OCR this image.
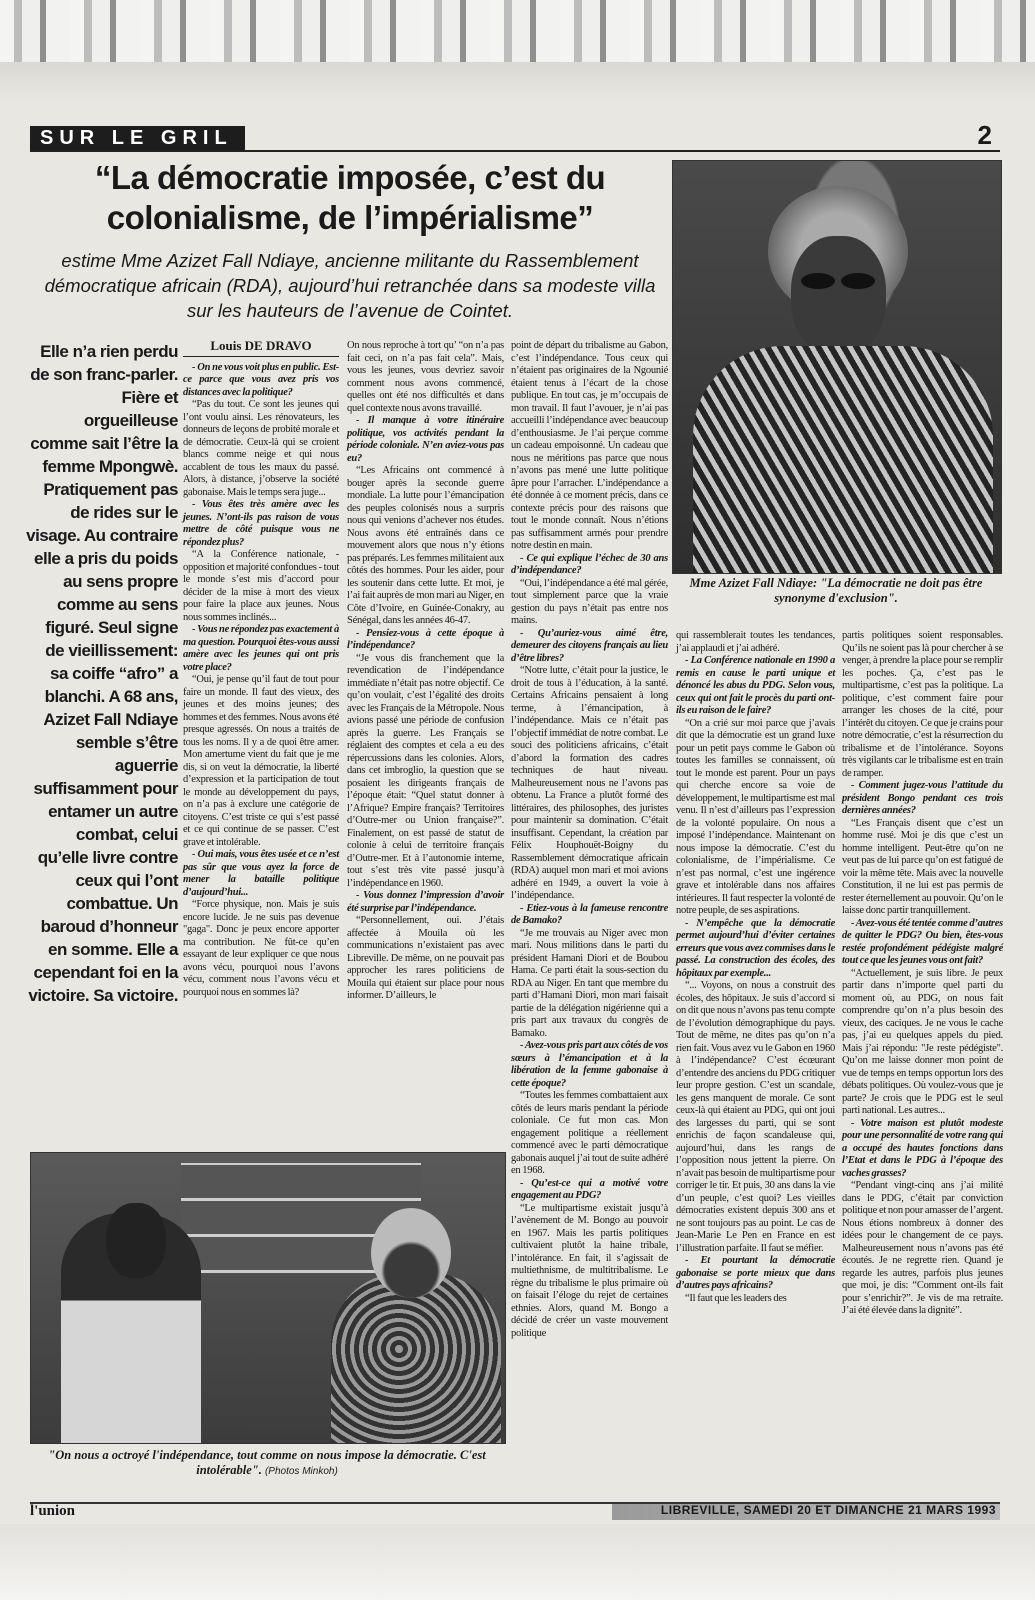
SUR LE GRIL	2
“La démocratie imposée, c’est du colonialisme, de l’impérialisme”
estime Mme Azizet Fall Ndiaye, ancienne militante du Rassemblement démocratique africain (RDA), aujourd’hui retranchée dans sa modeste villa sur les hauteurs de l’avenue de Cointet.
Elle n’a rien perdu de son franc-parler. Fière et orgueilleuse comme sait l’être la femme Mpongwè. Pratiquement pas de rides sur le visage. Au contraire elle a pris du poids au sens propre comme au sens figuré. Seul signe de vieillissement: sa coiffe “afro” a blanchi. A 68 ans, Azizet Fall Ndiaye semble s’être aguerrie suffisamment pour entamer un autre combat, celui qu’elle livre contre ceux qui l’ont combattue. Un baroud d’honneur en somme. Elle a cependant foi en la victoire. Sa victoire.
Louis DE DRAVO

- On ne vous voit plus en public. Est-ce parce que vous avez pris vos distances avec la politique?

“Pas du tout. Ce sont les jeunes qui l’ont voulu ainsi. Les rénovateurs, les donneurs de leçons de probité morale et de démocratie. Ceux-là qui se croient blancs comme neige et qui nous accablent de tous les maux du passé. Alors, à distance, j’observe la société gabonaise. Mais le temps sera juge...

- Vous êtes très amère avec les jeunes. N’ont-ils pas raison de vous mettre de côté puisque vous ne répondez plus?

“A la Conférence nationale, - opposition et majorité confondues - tout le monde s’est mis d’accord pour décider de la mise à mort des vieux pour faire la place aux jeunes. Nous nous sommes inclinés...

- Vous ne répondez pas exactement à ma question. Pourquoi êtes-vous aussi amère avec les jeunes qui ont pris votre place?

“Oui, je pense qu’il faut de tout pour faire un monde. Il faut des vieux, des jeunes et des moins jeunes; des hommes et des femmes. Nous avons été presque agressés. On nous a traités de tous les noms. Il y a de quoi être amer. Mon amertume vient du fait que je me dis, si on veut la démocratie, la liberté d’expression et la participation de tout le monde au développement du pays, on n’a pas à exclure une catégorie de citoyens. C’est triste ce qui s’est passé et ce qui continue de se passer. C’est grave et intolérable.

- Oui mais, vous êtes usée et ce n’est pas sûr que vous ayez la force de mener la bataille politique d’aujourd’hui...

“Force physique, non. Mais je suis encore lucide. Je ne suis pas devenue "gaga". Donc je peux encore apporter ma contribution. Ne fût-ce qu’en essayant de leur expliquer ce que nous avons vécu, pourquoi nous l’avons vécu, comment nous l’avons vécu et pourquoi nous en sommes là?

On nous reproche à tort qu’ “on n’a pas fait ceci, on n’a pas fait cela”. Mais, vous les jeunes, vous devriez savoir comment nous avons commencé, quelles ont été nos difficultés et dans quel contexte nous avons travaillé.

- Il manque à votre itinéraire politique, vos activités pendant la période coloniale. N’en aviez-vous pas eu?

“Les Africains ont commencé à bouger après la seconde guerre mondiale. La lutte pour l’émancipation des peuples colonisés nous a surpris nous qui venions d’achever nos études. Nous avons été entraînés dans ce mouvement alors que nous n’y étions pas préparés. Les femmes militaient aux côtés des hommes. Pour les aider, pour les soutenir dans cette lutte. Et moi, je l’ai fait auprès de mon mari au Niger, en Côte d’Ivoire, en Guinée-Conakry, au Sénégal, dans les années 46-47.

- Pensiez-vous à cette époque à l’indépendance?

“Je vous dis franchement que la revendication de l’indépendance immédiate n’était pas notre objectif. Ce qu’on voulait, c’est l’égalité des droits avec les Français de la Métropole. Nous avions passé une période de confusion après la guerre. Les Français se réglaient des comptes et cela a eu des répercussions dans les colonies. Alors, dans cet imbroglio, la question que se posaient les dirigeants français de l’époque était: “Quel statut donner à l’Afrique? Empire français? Territoires d’Outre-mer ou Union française?”. Finalement, on est passé de statut de colonie à celui de territoire français d’Outre-mer. Et à l’autonomie interne, tout s’est très vite passé jusqu’à l’indépendance en 1960.

- Vous donnez l’impression d’avoir été surprise par l’indépendance.

“Personnellement, oui. J’étais affectée à Mouila où les communications n’existaient pas avec Libreville. De même, on ne pouvait pas approcher les rares politiciens de Mouila qui étaient sur place pour nous informer. D’ailleurs, le

point de départ du tribalisme au Gabon, c’est l’indépendance. Tous ceux qui n’étaient pas originaires de la Ngounié étaient tenus à l’écart de la chose publique. En tout cas, je m’occupais de mon travail. Il faut l’avouer, je n’ai pas accueilli l’indépendance avec beaucoup d’enthousiasme. Je l’ai perçue comme un cadeau empoisonné. Un cadeau que nous ne méritions pas parce que nous n’avons pas mené une lutte politique âpre pour l’arracher. L’indépendance a été donnée à ce moment précis, dans ce contexte précis pour des raisons que tout le monde connaît. Nous n’étions pas suffisamment armés pour prendre notre destin en main.

- Ce qui explique l’échec de 30 ans d’indépendance?

“Oui, l’indépendance a été mal gérée, tout simplement parce que la vraie gestion du pays n’était pas entre nos mains.

- Qu’auriez-vous aimé être, demeurer des citoyens français au lieu d’être libres?

“Notre lutte, c’était pour la justice, le droit de tous à l’éducation, à la santé. Certains Africains pensaient à long terme, à l’émancipation, à l’indépendance. Mais ce n’était pas l’objectif immédiat de notre combat. Le souci des politiciens africains, c’était d’abord la formation des cadres techniques de haut niveau. Malheureusement nous ne l’avons pas obtenu. La France a plutôt formé des littéraires, des philosophes, des juristes pour maintenir sa domination. C’était insuffisant. Cependant, la création par Félix Houphouët-Boigny du Rassemblement démocratique africain (RDA) auquel mon mari et moi avions adhéré en 1949, a ouvert la voie à l’indépendance.

- Etiez-vous à la fameuse rencontre de Bamako?

“Je me trouvais au Niger avec mon mari. Nous militions dans le parti du président Hamani Diori et de Boubou Hama. Ce parti était la sous-section du RDA au Niger. En tant que membre du parti d’Hamani Diori, mon mari faisait partie de la délégation nigérienne qui a pris part aux travaux du congrès de Bamako.

- Avez-vous pris part aux côtés de vos sœurs à l’émancipation et à la libération de la femme gabonaise à cette époque?

“Toutes les femmes combattaient aux côtés de leurs maris pendant la période coloniale. Ce fut mon cas. Mon engagement politique a réellement commencé avec le parti démocratique gabonais auquel j’ai tout de suite adhéré en 1968.

- Qu’est-ce qui a motivé votre engagement au PDG?

“Le multipartisme existait jusqu’à l’avènement de M. Bongo au pouvoir en 1967. Mais les partis politiques cultivaient plutôt la haine tribale, l’intolérance. En fait, il s’agissait de multiethnisme, de multitribalisme. Le règne du tribalisme le plus primaire où on faisait l’éloge du rejet de certaines ethnies. Alors, quand M. Bongo a décidé de créer un vaste mouvement politique

qui rassemblerait toutes les tendances, j’ai applaudi et j’ai adhéré.

- La Conférence nationale en 1990 a remis en cause le parti unique et dénoncé les abus du PDG. Selon vous, ceux qui ont fait le procès du parti ont-ils eu raison de le faire?

“On a crié sur moi parce que j’avais dit que la démocratie est un grand luxe pour un petit pays comme le Gabon où toutes les familles se connaissent, où tout le monde est parent. Pour un pays qui cherche encore sa voie de développement, le multipartisme est mal venu. Il n’est d’ailleurs pas l’expression de la volonté populaire. On nous a imposé l’indépendance. Maintenant on nous impose la démocratie. C’est du colonialisme, de l’impérialisme. Ce n’est pas normal, c’est une ingérence grave et intolérable dans nos affaires intérieures. Il faut respecter la volonté de notre peuple, de ses aspirations.

- N’empêche que la démocratie permet aujourd’hui d’éviter certaines erreurs que vous avez commises dans le passé. La construction des écoles, des hôpitaux par exemple...

“... Voyons, on nous a construit des écoles, des hôpitaux. Je suis d’accord si on dit que nous n’avons pas tenu compte de l’évolution démographique du pays. Tout de même, ne dites pas qu’on n’a rien fait. Vous avez vu le Gabon en 1960 à l’indépendance? C’est écœurant d’entendre des anciens du PDG critiquer leur propre gestion. C’est un scandale, les gens manquent de morale. Ce sont ceux-là qui étaient au PDG, qui ont joui des largesses du parti, qui se sont enrichis de façon scandaleuse qui, aujourd’hui, dans les rangs de l’opposition nous jettent la pierre. On n’avait pas besoin de multipartisme pour corriger le tir. Et puis, 30 ans dans la vie d’un peuple, c’est quoi? Les vieilles démocraties existent depuis 300 ans et ne sont toujours pas au point. Le cas de Jean-Marie Le Pen en France en est l’illustration parfaite. Il faut se méfier.

- Et pourtant la démocratie gabonaise se porte mieux que dans d’autres pays africains?

“Il faut que les leaders des

partis politiques soient responsables. Qu’ils ne soient pas là pour chercher à se venger, à prendre la place pour se remplir les poches. Ça, c’est pas le multipartisme, c’est pas la politique. La politique, c’est comment faire pour arranger les choses de la cité, pour l’intérêt du citoyen. Ce que je crains pour notre démocratie, c’est la résurrection du tribalisme et de l’intolérance. Soyons très vigilants car le tribalisme est en train de ramper.

- Comment jugez-vous l’attitude du président Bongo pendant ces trois dernières années?

“Les Français disent que c’est un homme rusé. Moi je dis que c’est un homme intelligent. Peut-être qu’on ne veut pas de lui parce qu’on est fatigué de voir la même tête. Mais avec la nouvelle Constitution, il ne lui est pas permis de rester éternellement au pouvoir. Qu’on le laisse donc partir tranquillement.

- Avez-vous été tentée comme d’autres de quitter le PDG? Ou bien, êtes-vous restée profondément pédégiste malgré tout ce que les jeunes vous ont fait?

“Actuellement, je suis libre. Je peux partir dans n’importe quel parti du moment où, au PDG, on nous fait comprendre qu’on n’a plus besoin des vieux, des caciques. Je ne vous le cache pas, j’ai eu quelques appels du pied. Mais j’ai répondu: "Je reste pédégiste". Qu’on me laisse donner mon point de vue de temps en temps opportun lors des débats politiques. Où voulez-vous que je parte? Je crois que le PDG est le seul parti national. Les autres...

- Votre maison est plutôt modeste pour une personnalité de votre rang qui a occupé des hautes fonctions dans l’Etat et dans le PDG à l’époque des vaches grasses?

“Pendant vingt-cinq ans j’ai milité dans le PDG, c’était par conviction politique et non pour amasser de l’argent. Nous étions nombreux à donner des idées pour le changement de ce pays. Malheureusement nous n’avons pas été écoutés. Je ne regrette rien. Quand je regarde les autres, parfois plus jeunes que moi, je dis: “Comment ont-ils fait pour s’enrichir?”. Je vis de ma retraite. J’ai été élevée dans la dignité”.

Mme Azizet Fall Ndiaye: "La démocratie ne doit pas être synonyme d'exclusion".
"On nous a octroyé l'indépendance, tout comme on nous impose la démocratie. C'est intolérable". (Photos Minkoh)
l'union	LIBREVILLE, SAMEDI 20 ET DIMANCHE 21 MARS 1993
